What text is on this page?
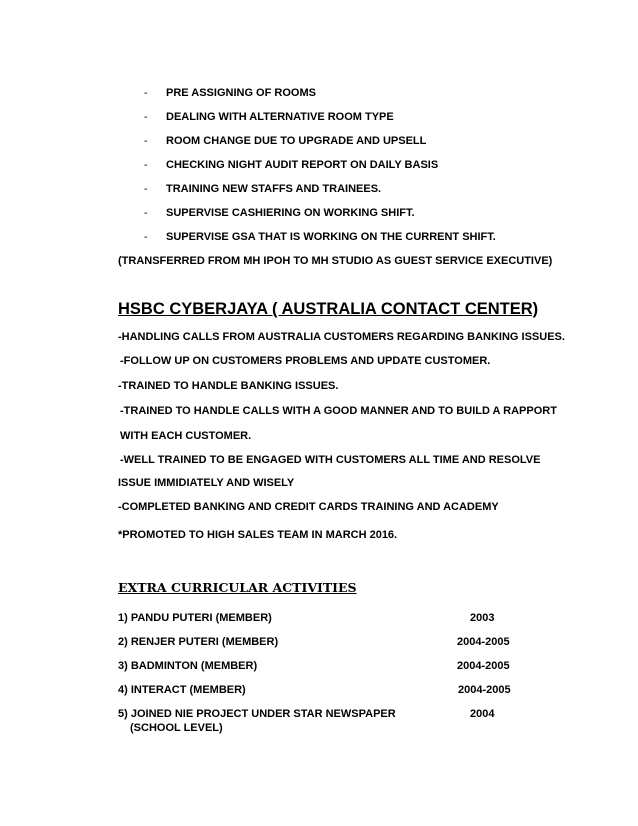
- PRE ASSIGNING OF ROOMS
- DEALING WITH ALTERNATIVE ROOM TYPE
- ROOM CHANGE DUE TO UPGRADE AND UPSELL
- CHECKING NIGHT AUDIT REPORT ON DAILY BASIS
- TRAINING NEW STAFFS AND TRAINEES.
- SUPERVISE CASHIERING ON WORKING SHIFT.
- SUPERVISE GSA THAT IS WORKING ON THE CURRENT SHIFT.
(TRANSFERRED FROM MH IPOH TO MH STUDIO AS GUEST SERVICE EXECUTIVE)
HSBC CYBERJAYA ( AUSTRALIA CONTACT CENTER)
-HANDLING CALLS FROM AUSTRALIA CUSTOMERS REGARDING BANKING ISSUES.
-FOLLOW UP ON CUSTOMERS PROBLEMS AND UPDATE CUSTOMER.
-TRAINED TO HANDLE BANKING ISSUES.
-TRAINED TO HANDLE CALLS WITH A GOOD MANNER AND TO BUILD A RAPPORT
WITH EACH CUSTOMER.
-WELL TRAINED TO BE ENGAGED WITH CUSTOMERS ALL TIME AND RESOLVE
ISSUE IMMIDIATELY AND WISELY
-COMPLETED BANKING AND CREDIT CARDS TRAINING AND ACADEMY
*PROMOTED TO HIGH SALES TEAM IN MARCH 2016.
EXTRA CURRICULAR ACTIVITIES
1) PANDU PUTERI (MEMBER)	2003
2) RENJER PUTERI (MEMBER)	2004-2005
3) BADMINTON (MEMBER)	2004-2005
4) INTERACT (MEMBER)	2004-2005
5) JOINED NIE PROJECT UNDER STAR NEWSPAPER	2004
(SCHOOL LEVEL)
